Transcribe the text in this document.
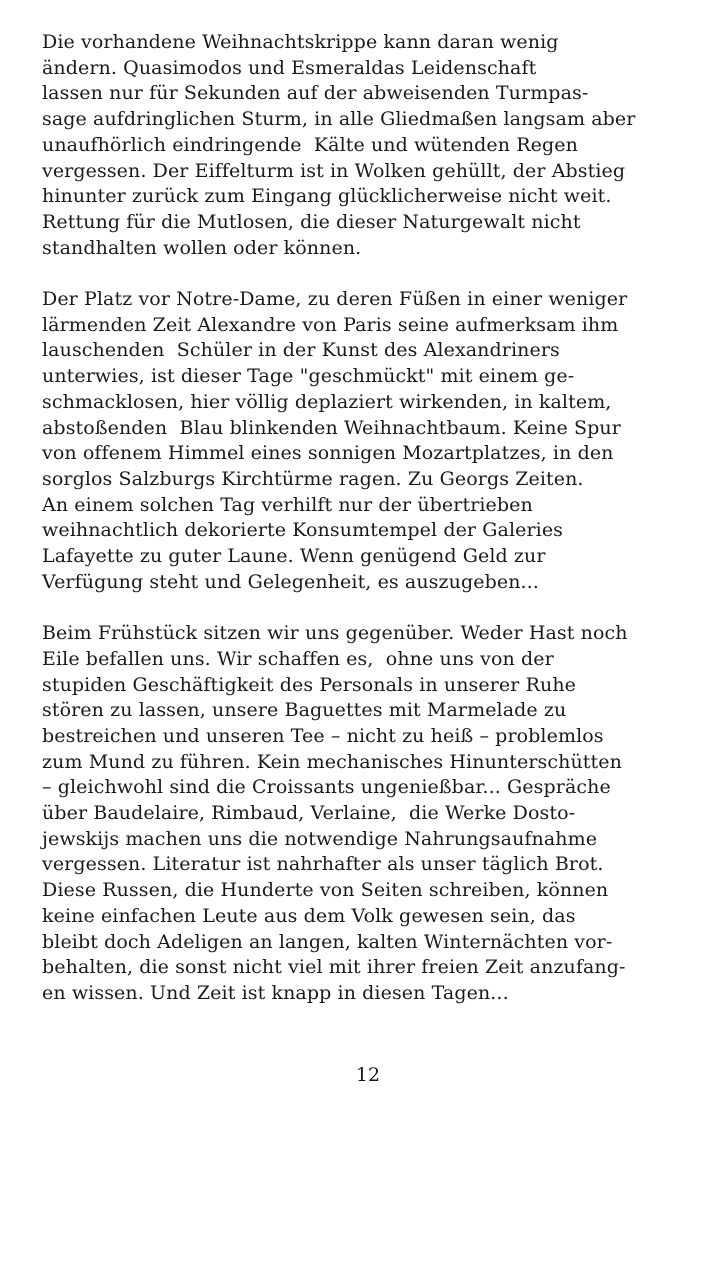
Die vorhandene Weihnachtskrippe kann daran wenig
ändern. Quasimodos und Esmeraldas Leidenschaft
lassen nur für Sekunden auf der abweisenden Turmpas-
sage aufdringlichen Sturm, in alle Gliedmaßen langsam aber
unaufhörlich eindringende  Kälte und wütenden Regen
vergessen. Der Eiffelturm ist in Wolken gehüllt, der Abstieg
hinunter zurück zum Eingang glücklicherweise nicht weit.
Rettung für die Mutlosen, die dieser Naturgewalt nicht
standhalten wollen oder können.
Der Platz vor Notre-Dame, zu deren Füßen in einer weniger
lärmenden Zeit Alexandre von Paris seine aufmerksam ihm
lauschenden  Schüler in der Kunst des Alexandriners
unterwies, ist dieser Tage "geschmückt" mit einem ge-
schmacklosen, hier völlig deplaziert wirkenden, in kaltem,
abstoßenden  Blau blinkenden Weihnachtbaum. Keine Spur
von offenem Himmel eines sonnigen Mozartplatzes, in den
sorglos Salzburgs Kirchtürme ragen. Zu Georgs Zeiten.
An einem solchen Tag verhilft nur der übertrieben
weihnachtlich dekorierte Konsumtempel der Galeries
Lafayette zu guter Laune. Wenn genügend Geld zur
Verfügung steht und Gelegenheit, es auszugeben...
Beim Frühstück sitzen wir uns gegenüber. Weder Hast noch
Eile befallen uns. Wir schaffen es,  ohne uns von der
stupiden Geschäftigkeit des Personals in unserer Ruhe
stören zu lassen, unsere Baguettes mit Marmelade zu
bestreichen und unseren Tee – nicht zu heiß – problemlos
zum Mund zu führen. Kein mechanisches Hinunterschütten
– gleichwohl sind die Croissants ungenießbar... Gespräche
über Baudelaire, Rimbaud, Verlaine,  die Werke Dosto-
jewskijs machen uns die notwendige Nahrungsaufnahme
vergessen. Literatur ist nahrhafter als unser täglich Brot.
Diese Russen, die Hunderte von Seiten schreiben, können
keine einfachen Leute aus dem Volk gewesen sein, das
bleibt doch Adeligen an langen, kalten Winternächten vor-
behalten, die sonst nicht viel mit ihrer freien Zeit anzufang-
en wissen. Und Zeit ist knapp in diesen Tagen...
12
